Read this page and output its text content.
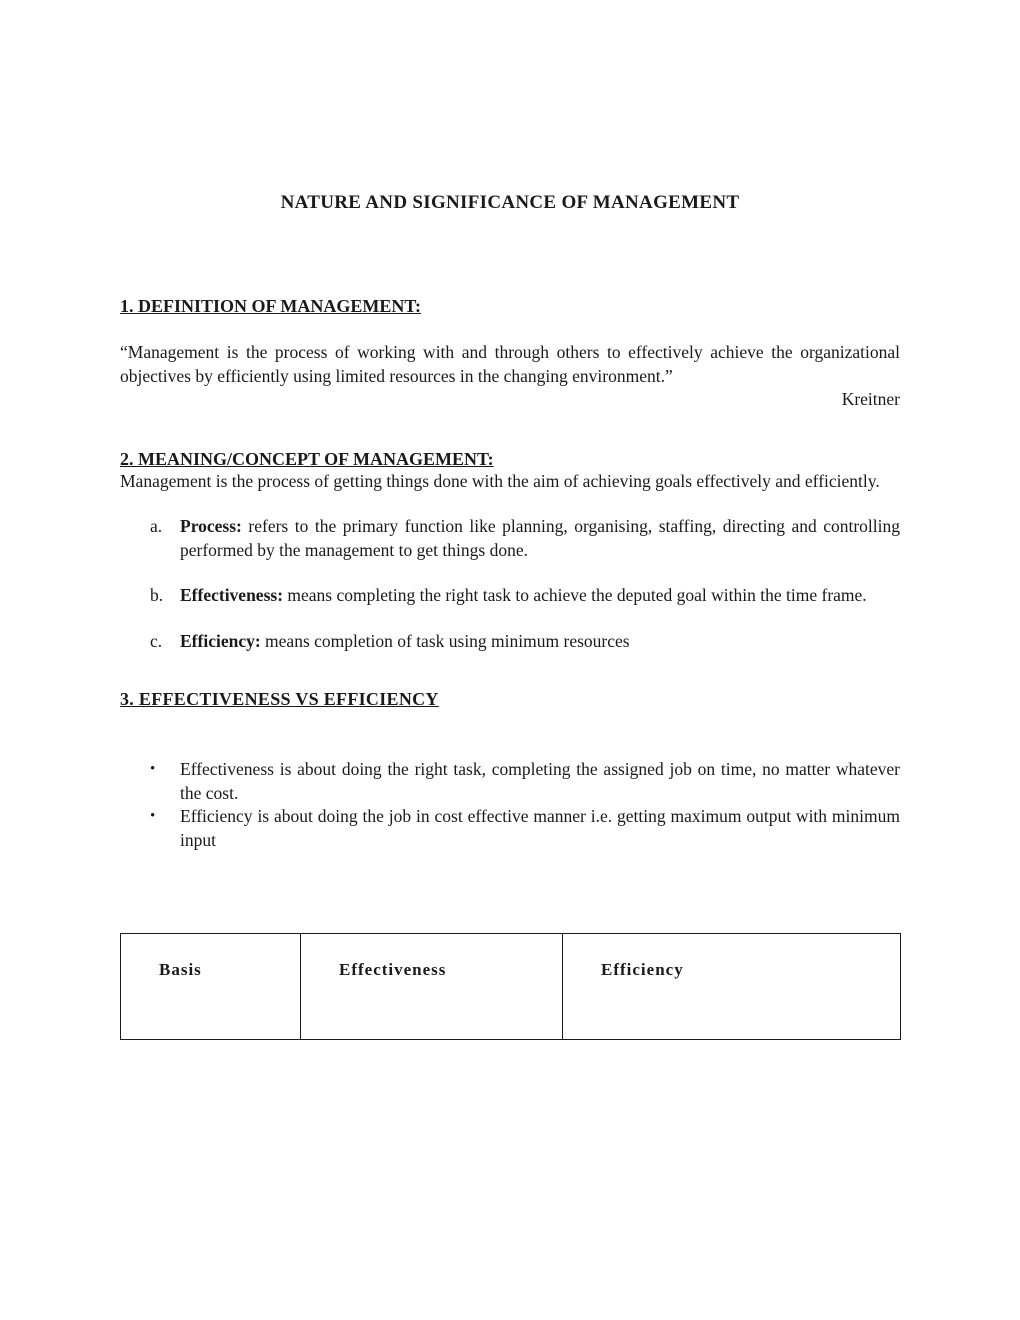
NATURE AND SIGNIFICANCE OF MANAGEMENT
1. DEFINITION OF MANAGEMENT:

“Management is the process of working with and through others to effectively achieve the organizational objectives by efficiently using limited resources in the changing environment.”

Kreitner

2. MEANING/CONCEPT OF MANAGEMENT:

Management is the process of getting things done with the aim of achieving goals effectively and efficiently.

a.	Process: refers to the primary function like planning, organising, staffing, directing and controlling performed by the management to get things done.
b. Effectiveness: means completing the right task to achieve the deputed goal within the time frame.
c.	Efficiency: means completion of task using minimum resources
3. EFFECTIVENESS VS EFFICIENCY
•	Effectiveness is about doing the right task, completing the assigned job on time, no matter whatever the cost.
•	Efficiency is about doing the job in cost effective manner i.e. getting maximum output with minimum input
Basis	Effectiveness	Efficiency
